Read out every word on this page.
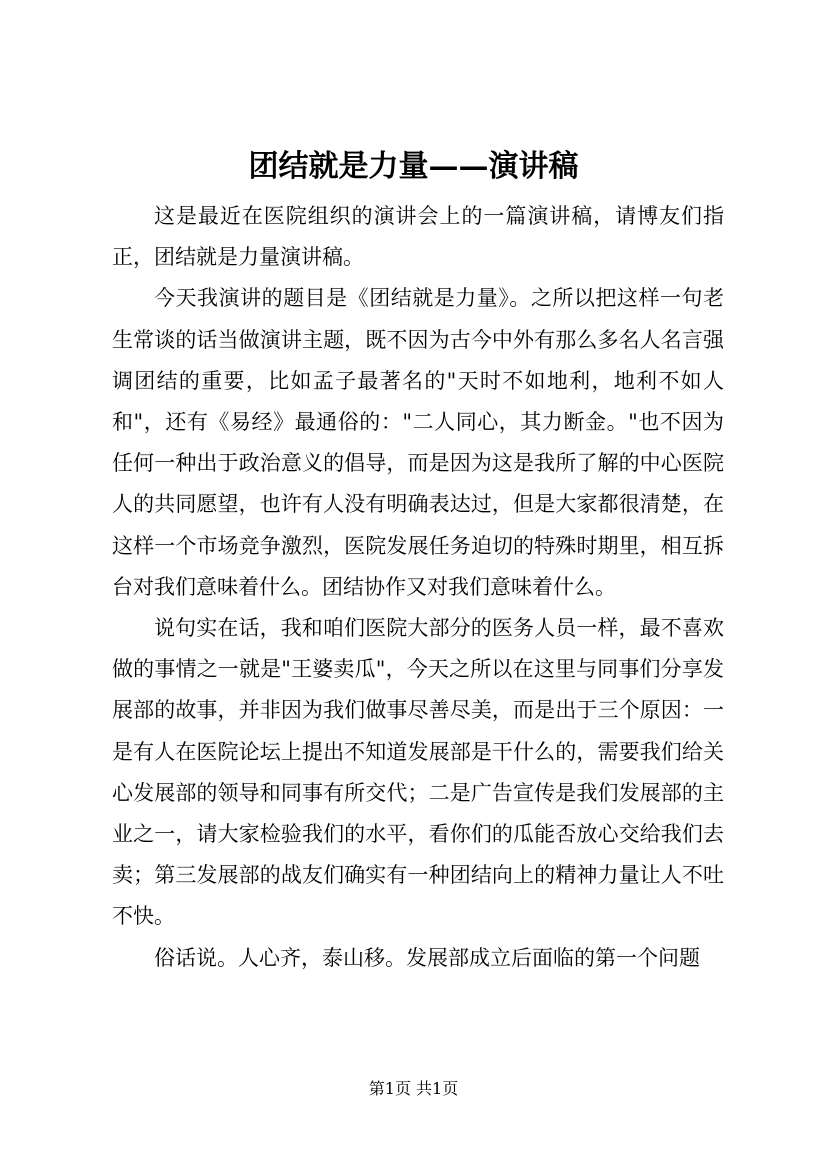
团结就是力量——演讲稿

这是最近在医院组织的演讲会上的一篇演讲稿，请博友们指正，团结就是力量演讲稿。

今天我演讲的题目是《团结就是力量》。之所以把这样一句老生常谈的话当做演讲主题，既不因为古今中外有那么多名人名言强调团结的重要，比如孟子最著名的"天时不如地利，地利不如人和"，还有《易经》最通俗的："二人同心，其力断金。"也不因为任何一种出于政治意义的倡导，而是因为这是我所了解的中心医院人的共同愿望，也许有人没有明确表达过，但是大家都很清楚，在这样一个市场竞争激烈，医院发展任务迫切的特殊时期里，相互拆台对我们意味着什么。团结协作又对我们意味着什么。

说句实在话，我和咱们医院大部分的医务人员一样，最不喜欢做的事情之一就是"王婆卖瓜"，今天之所以在这里与同事们分享发展部的故事，并非因为我们做事尽善尽美，而是出于三个原因：一是有人在医院论坛上提出不知道发展部是干什么的，需要我们给关心发展部的领导和同事有所交代；二是广告宣传是我们发展部的主业之一，请大家检验我们的水平，看你们的瓜能否放心交给我们去卖；第三发展部的战友们确实有一种团结向上的精神力量让人不吐不快。

俗话说。人心齐，泰山移。发展部成立后面临的第一个问题

第1页 共1页
